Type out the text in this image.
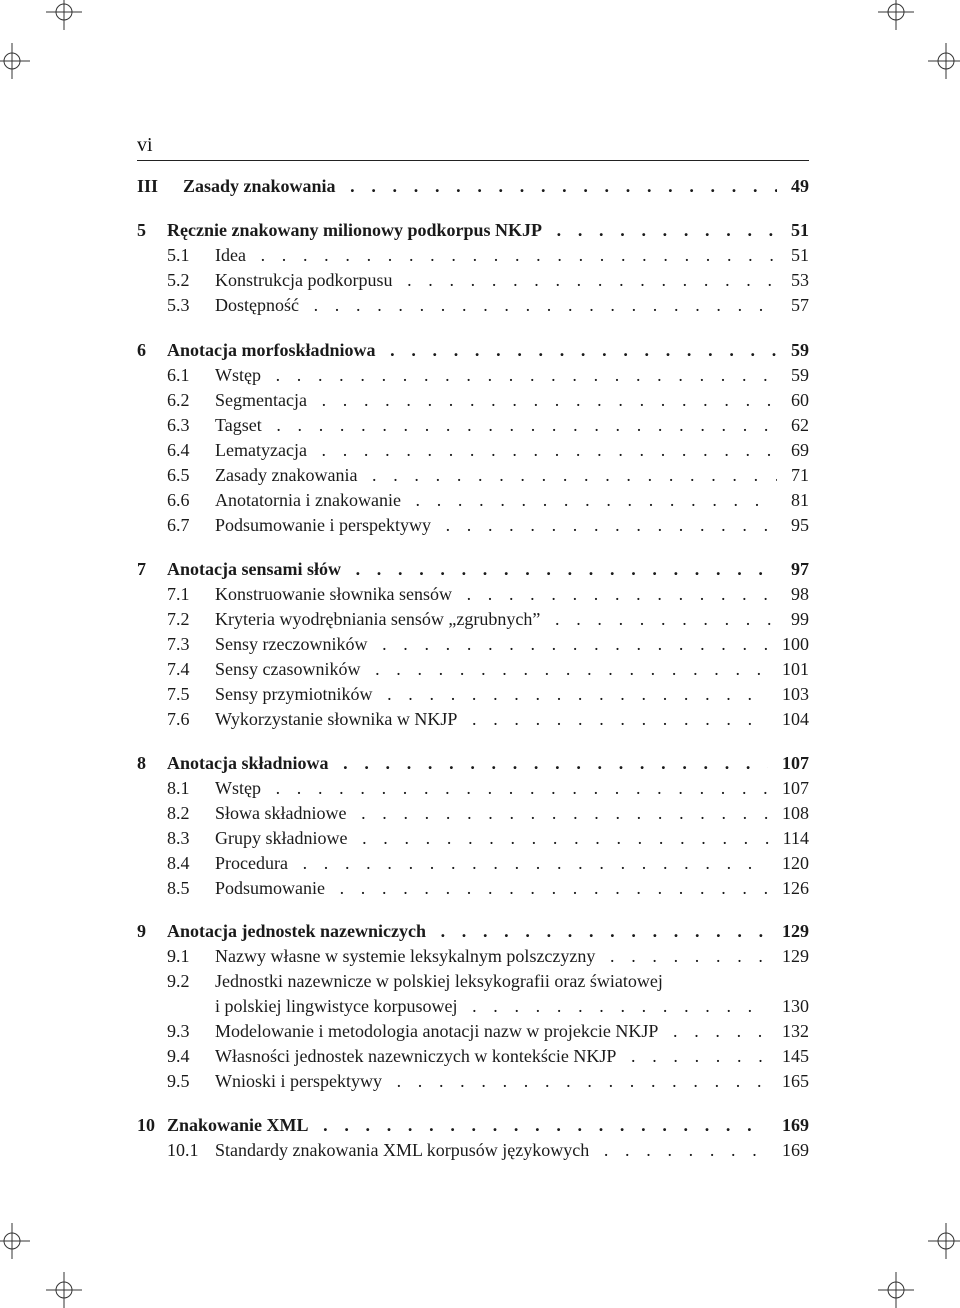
vi
III Zasady znakowania . . .	49
5 Ręcznie znakowany milionowy podkorpus NKJP . . .	51
5.1 Idea . . .	51
5.2 Konstrukcja podkorpusu . . .	53
5.3 Dostępność . . .	57
6 Anotacja morfoskładniowa . . .	59
6.1 Wstęp . . .	59
6.2 Segmentacja . . .	60
6.3 Tagset . . .	62
6.4 Lematyzacja . . .	69
6.5 Zasady znakowania . . .	71
6.6 Anotatornia i znakowanie . . .	81
6.7 Podsumowanie i perspektywy . . .	95
7 Anotacja sensami słów . . .	97
7.1 Konstruowanie słownika sensów . . .	98
7.2 Kryteria wyodrębniania sensów „zgrubnych” . . .	99
7.3 Sensy rzeczowników . . .	100
7.4 Sensy czasowników . . .	101
7.5 Sensy przymiotników . . .	103
7.6 Wykorzystanie słownika w NKJP . . .	104
8 Anotacja składniowa . . .	107
8.1 Wstęp . . .	107
8.2 Słowa składniowe . . .	108
8.3 Grupy składniowe . . .	114
8.4 Procedura . . .	120
8.5 Podsumowanie . . .	126
9 Anotacja jednostek nazewniczych . . .	129
9.1 Nazwy własne w systemie leksykalnym polszczyzny . . .	129
9.2 Jednostki nazewnicze w polskiej leksykografii oraz światowej
i polskiej lingwistyce korpusowej . . .	130
9.3 Modelowanie i metodologia anotacji nazw w projekcie NKJP . . .	132
9.4 Własności jednostek nazewniczych w kontekście NKJP . . .	145
9.5 Wnioski i perspektywy . . .	165
10 Znakowanie XML . . .	169
10.1 Standardy znakowania XML korpusów językowych . . .	169
